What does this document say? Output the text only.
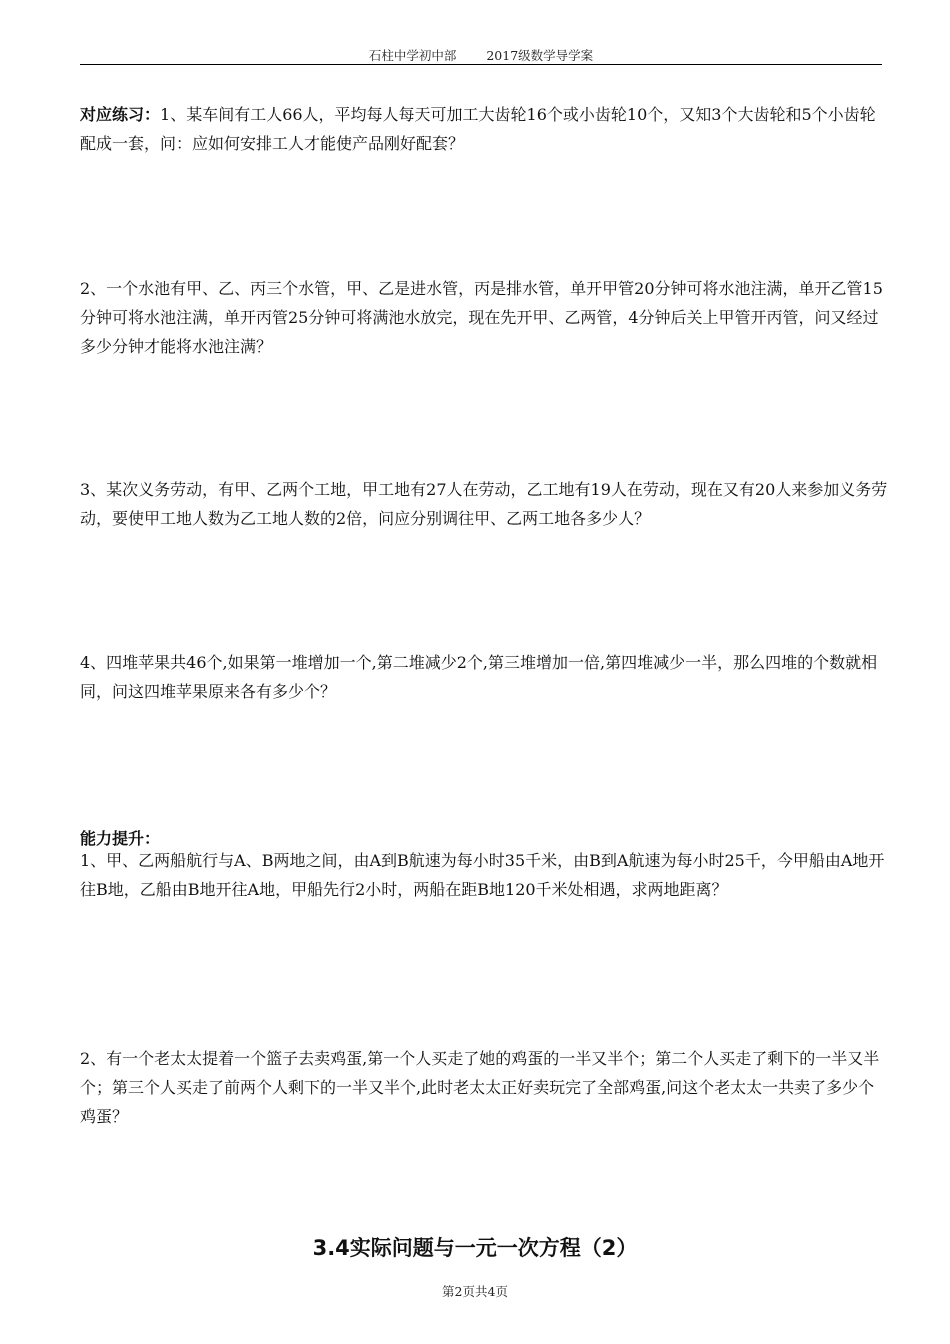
石柱中学初中部 2017级数学导学案

对应练习：1、某车间有工人66人，平均每人每天可加工大齿轮16个或小齿轮10个，又知3个大齿轮和5个小齿轮配成一套，问：应如何安排工人才能使产品刚好配套？

2、一个水池有甲、乙、丙三个水管，甲、乙是进水管，丙是排水管，单开甲管20分钟可将水池注满，单开乙管15分钟可将水池注满，单开丙管25分钟可将满池水放完，现在先开甲、乙两管，4分钟后关上甲管开丙管，问又经过多少分钟才能将水池注满？

3、某次义务劳动，有甲、乙两个工地，甲工地有27人在劳动，乙工地有19人在劳动，现在又有20人来参加义务劳动，要使甲工地人数为乙工地人数的2倍，问应分别调往甲、乙两工地各多少人？

4、四堆苹果共46个,如果第一堆增加一个,第二堆减少2个,第三堆增加一倍,第四堆减少一半，那么四堆的个数就相同，问这四堆苹果原来各有多少个？

能力提升：

1、甲、乙两船航行与A、B两地之间，由A到B航速为每小时35千米，由B到A航速为每小时25千，今甲船由A地开往B地，乙船由B地开往A地，甲船先行2小时，两船在距B地120千米处相遇，求两地距离？

2、有一个老太太提着一个篮子去卖鸡蛋,第一个人买走了她的鸡蛋的一半又半个；第二个人买走了剩下的一半又半个；第三个人买走了前两个人剩下的一半又半个,此时老太太正好卖玩完了全部鸡蛋,问这个老太太一共卖了多少个鸡蛋？

3.4实际问题与一元一次方程（2）

第2页共4页
